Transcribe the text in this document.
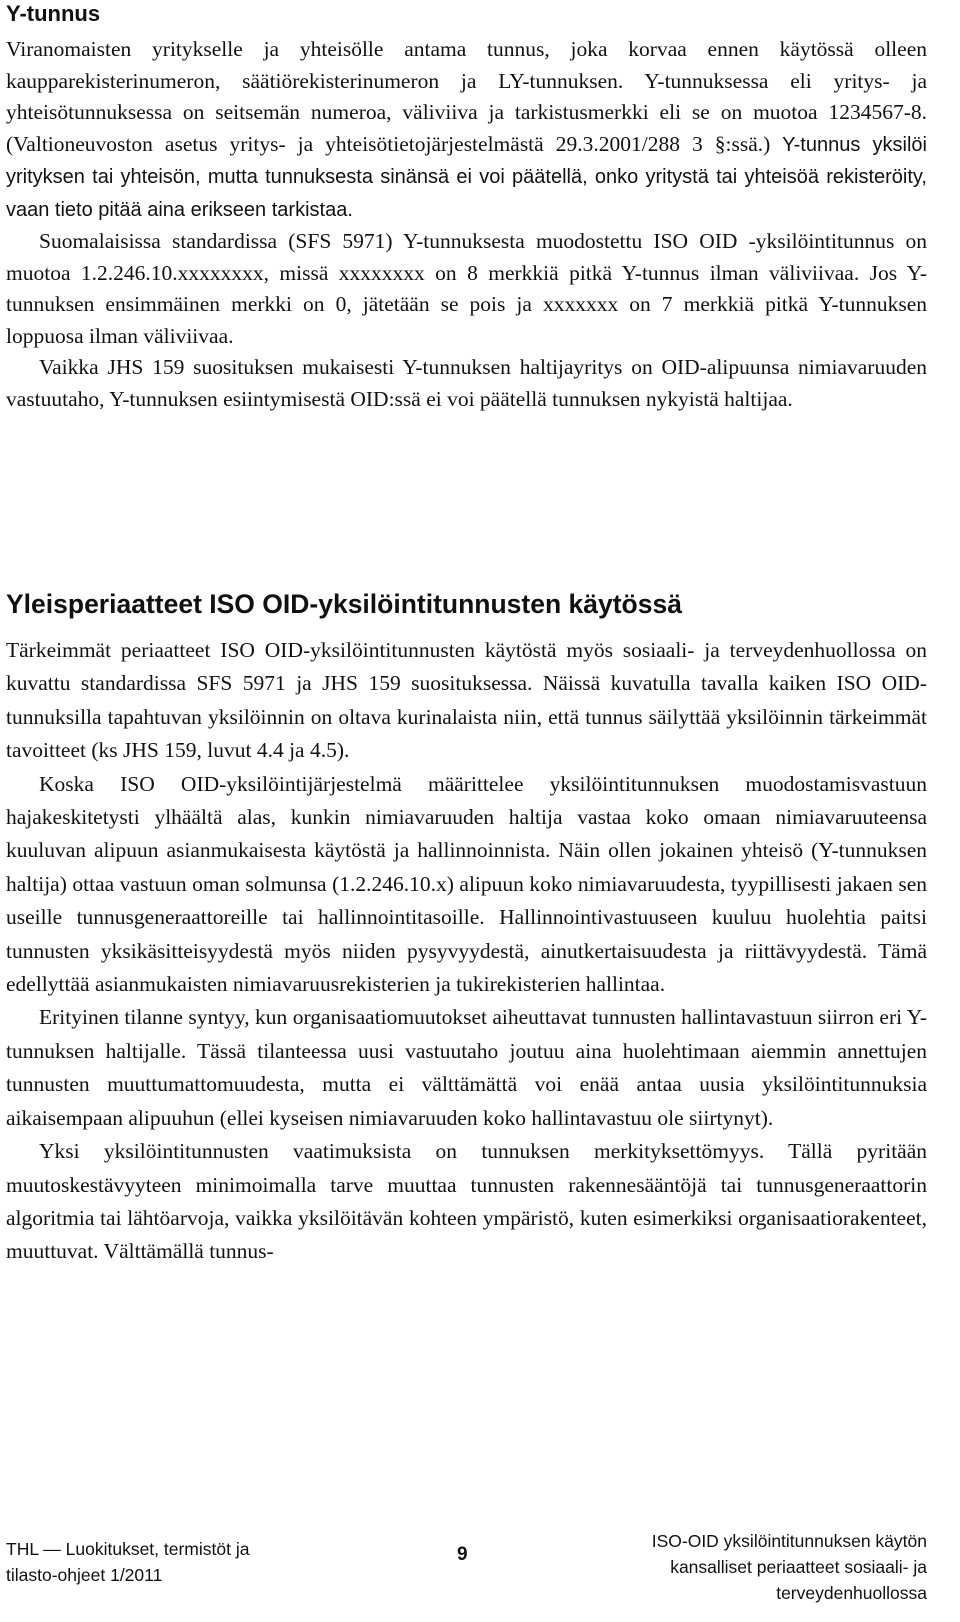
Y-tunnus

Viranomaisten yritykselle ja yhteisölle antama tunnus, joka korvaa ennen käytössä olleen kaupparekisterinumeron, säätiörekisterinumeron ja LY-tunnuksen. Y-tunnuksessa eli yritys- ja yhteisötunnuksessa on seitsemän numeroa, väliviiva ja tarkistusmerkki eli se on muotoa 1234567-8. (Valtioneuvoston asetus yritys- ja yhteisötietojärjestelmästä 29.3.2001/288 3 §:ssä.) Y-tunnus yksilöi yrityksen tai yhteisön, mutta tunnuksesta sinänsä ei voi päätellä, onko yritystä tai yhteisöä rekisteröity, vaan tieto pitää aina erikseen tarkistaa.

Suomalaisissa standardissa (SFS 5971) Y-tunnuksesta muodostettu ISO OID -yksilöintitunnus on muotoa 1.2.246.10.xxxxxxxx, missä xxxxxxxx on 8 merkkiä pitkä Y-tunnus ilman väliviivaa. Jos Y-tunnuksen ensimmäinen merkki on 0, jätetään se pois ja xxxxxxx on 7 merkkiä pitkä Y-tunnuksen loppuosa ilman väliviivaa.

Vaikka JHS 159 suosituksen mukaisesti Y-tunnuksen haltijayritys on OID-alipuunsa nimiavaruuden vastuutaho, Y-tunnuksen esiintymisestä OID:ssä ei voi päätellä tunnuksen nykyistä haltijaa.

Yleisperiaatteet ISO OID-yksilöintitunnusten käytössä

Tärkeimmät periaatteet ISO OID-yksilöintitunnusten käytöstä myös sosiaali- ja terveydenhuollossa on kuvattu standardissa SFS 5971 ja JHS 159 suosituksessa. Näissä kuvatulla tavalla kaiken ISO OID-tunnuksilla tapahtuvan yksilöinnin on oltava kurinalaista niin, että tunnus säilyttää yksilöinnin tärkeimmät tavoitteet (ks JHS 159, luvut 4.4 ja 4.5).

Koska ISO OID-yksilöintijärjestelmä määrittelee yksilöintitunnuksen muodostamisvastuun hajakeskitetysti ylhäältä alas, kunkin nimiavaruuden haltija vastaa koko omaan nimiavaruuteensa kuuluvan alipuun asianmukaisesta käytöstä ja hallinnoinnista. Näin ollen jokainen yhteisö (Y-tunnuksen haltija) ottaa vastuun oman solmunsa (1.2.246.10.x) alipuun koko nimiavaruudesta, tyypillisesti jakaen sen useille tunnusgeneraattoreille tai hallinnointitasoille. Hallinnointivastuuseen kuuluu huolehtia paitsi tunnusten yksikäsitteisyydestä myös niiden pysyvyydestä, ainutkertaisuudesta ja riittävyydestä. Tämä edellyttää asianmukaisten nimiavaruusrekisterien ja tukirekisterien hallintaa.

Erityinen tilanne syntyy, kun organisaatiomuutokset aiheuttavat tunnusten hallintavastuun siirron eri Y-tunnuksen haltijalle. Tässä tilanteessa uusi vastuutaho joutuu aina huolehtimaan aiemmin annettujen tunnusten muuttumattomuudesta, mutta ei välttämättä voi enää antaa uusia yksilöintitunnuksia aikaisempaan alipuuhun (ellei kyseisen nimiavaruuden koko hallintavastuu ole siirtynyt).

Yksi yksilöintitunnusten vaatimuksista on tunnuksen merkityksettömyys. Tällä pyritään muutoskestävyyteen minimoimalla tarve muuttaa tunnusten rakennesääntöjä tai tunnusgeneraattorin algoritmia tai lähtöarvoja, vaikka yksilöitävän kohteen ympäristö, kuten esimerkiksi organisaatiorakenteet, muuttuvat. Välttämällä tunnus-

THL — Luokitukset, termistöt ja
tilasto-ohjeet 1/2011
9
ISO-OID yksilöintitunnuksen käytön
kansalliset periaatteet sosiaali- ja
terveydenhuollossa
